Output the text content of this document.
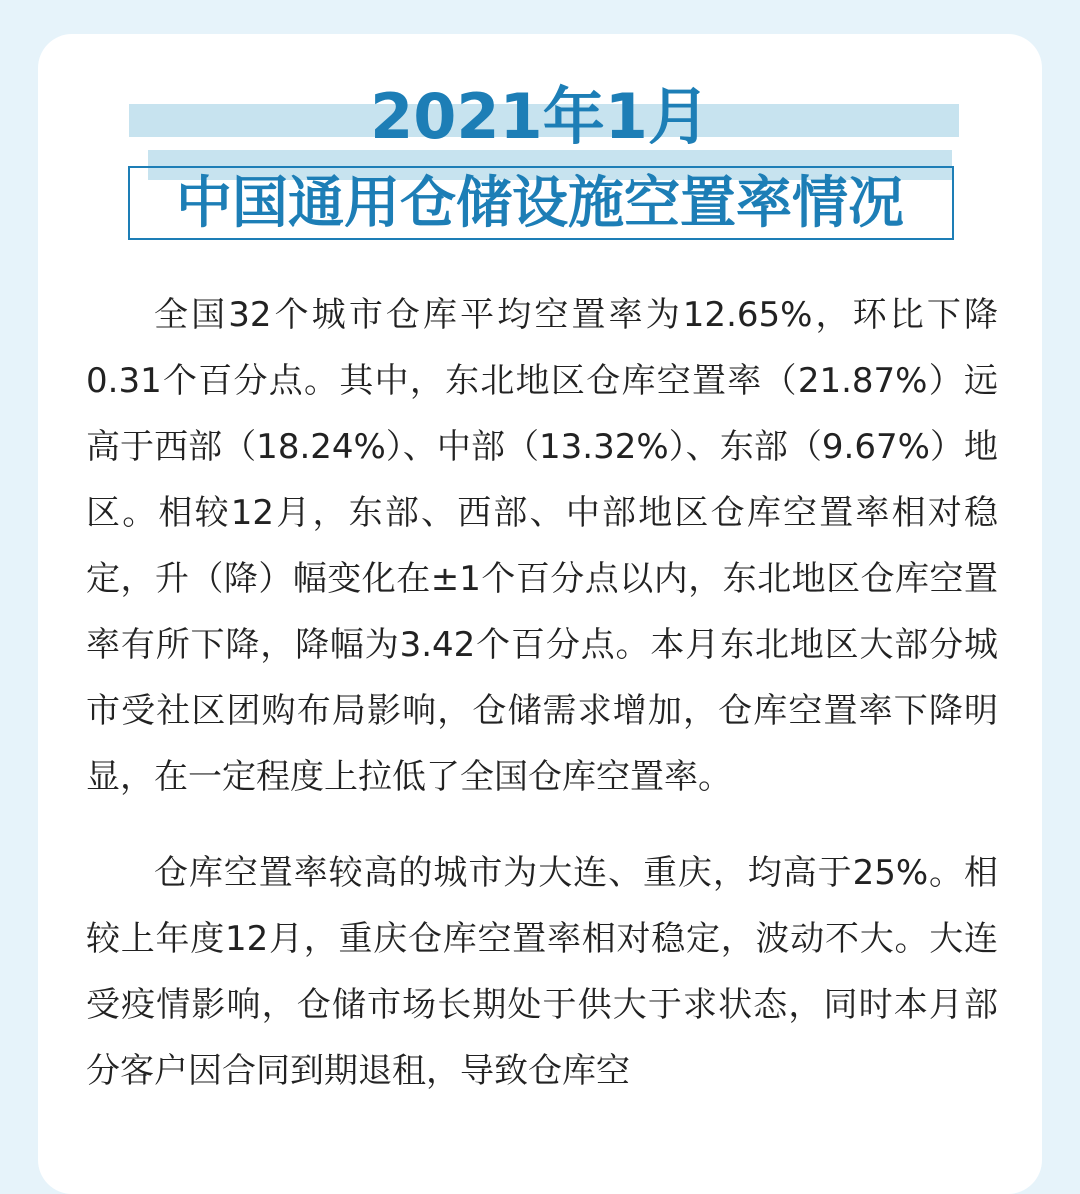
2021年1月
中国通用仓储设施空置率情况

全国32个城市仓库平均空置率为12.65%，环比下降0.31个百分点。其中，东北地区仓库空置率（21.87%）远高于西部（18.24%）、中部（13.32%）、东部（9.67%）地区。相较12月，东部、西部、中部地区仓库空置率相对稳定，升（降）幅变化在±1个百分点以内，东北地区仓库空置率有所下降，降幅为3.42个百分点。本月东北地区大部分城市受社区团购布局影响，仓储需求增加，仓库空置率下降明显，在一定程度上拉低了全国仓库空置率。

仓库空置率较高的城市为大连、重庆，均高于25%。相较上年度12月，重庆仓库空置率相对稳定，波动不大。大连受疫情影响，仓储市场长期处于供大于求状态，同时本月部分客户因合同到期退租，导致仓库空
